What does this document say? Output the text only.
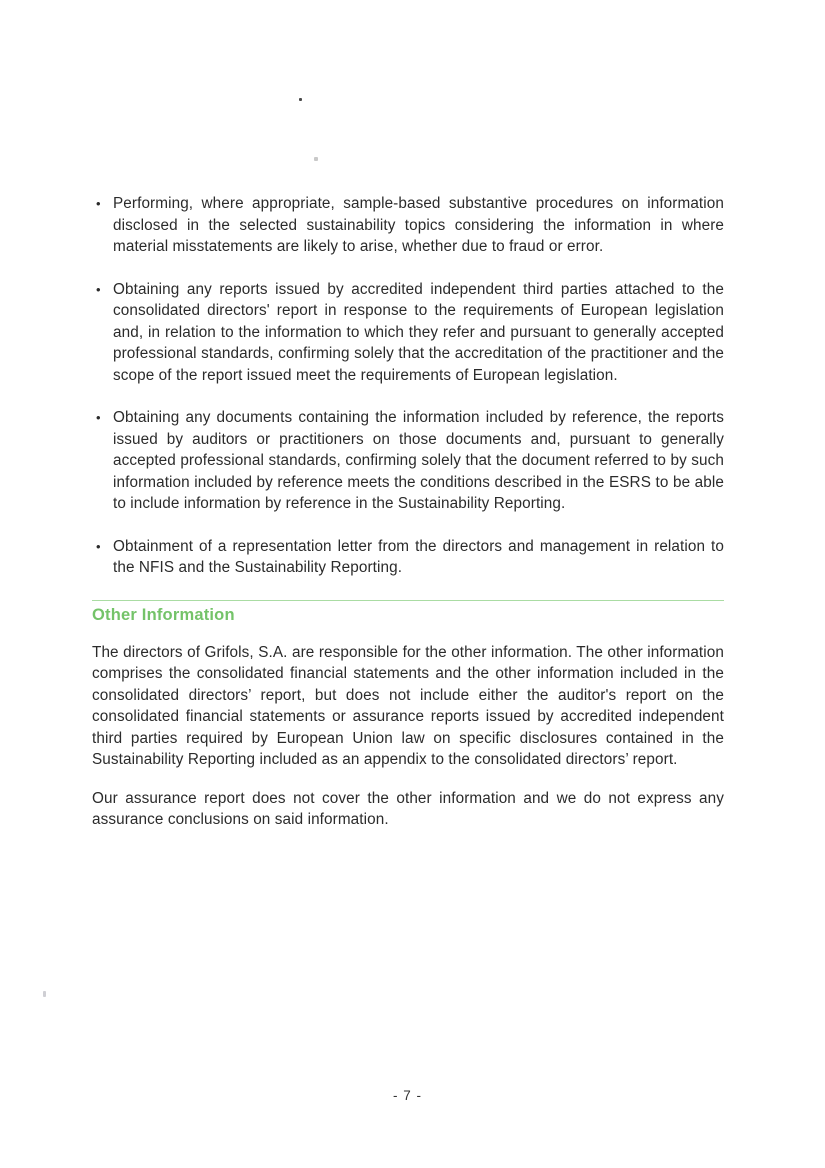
• Performing, where appropriate, sample-based substantive procedures on information disclosed in the selected sustainability topics considering the information in where material misstatements are likely to arise, whether due to fraud or error.
• Obtaining any reports issued by accredited independent third parties attached to the consolidated directors' report in response to the requirements of European legislation and, in relation to the information to which they refer and pursuant to generally accepted professional standards, confirming solely that the accreditation of the practitioner and the scope of the report issued meet the requirements of European legislation.
• Obtaining any documents containing the information included by reference, the reports issued by auditors or practitioners on those documents and, pursuant to generally accepted professional standards, confirming solely that the document referred to by such information included by reference meets the conditions described in the ESRS to be able to include information by reference in the Sustainability Reporting.
• Obtainment of a representation letter from the directors and management in relation to the NFIS and the Sustainability Reporting.
Other Information

The directors of Grifols, S.A. are responsible for the other information. The other information comprises the consolidated financial statements and the other information included in the consolidated directors’ report, but does not include either the auditor's report on the consolidated financial statements or assurance reports issued by accredited independent third parties required by European Union law on specific disclosures contained in the Sustainability Reporting included as an appendix to the consolidated directors’ report.

Our assurance report does not cover the other information and we do not express any assurance conclusions on said information.

- 7 -
